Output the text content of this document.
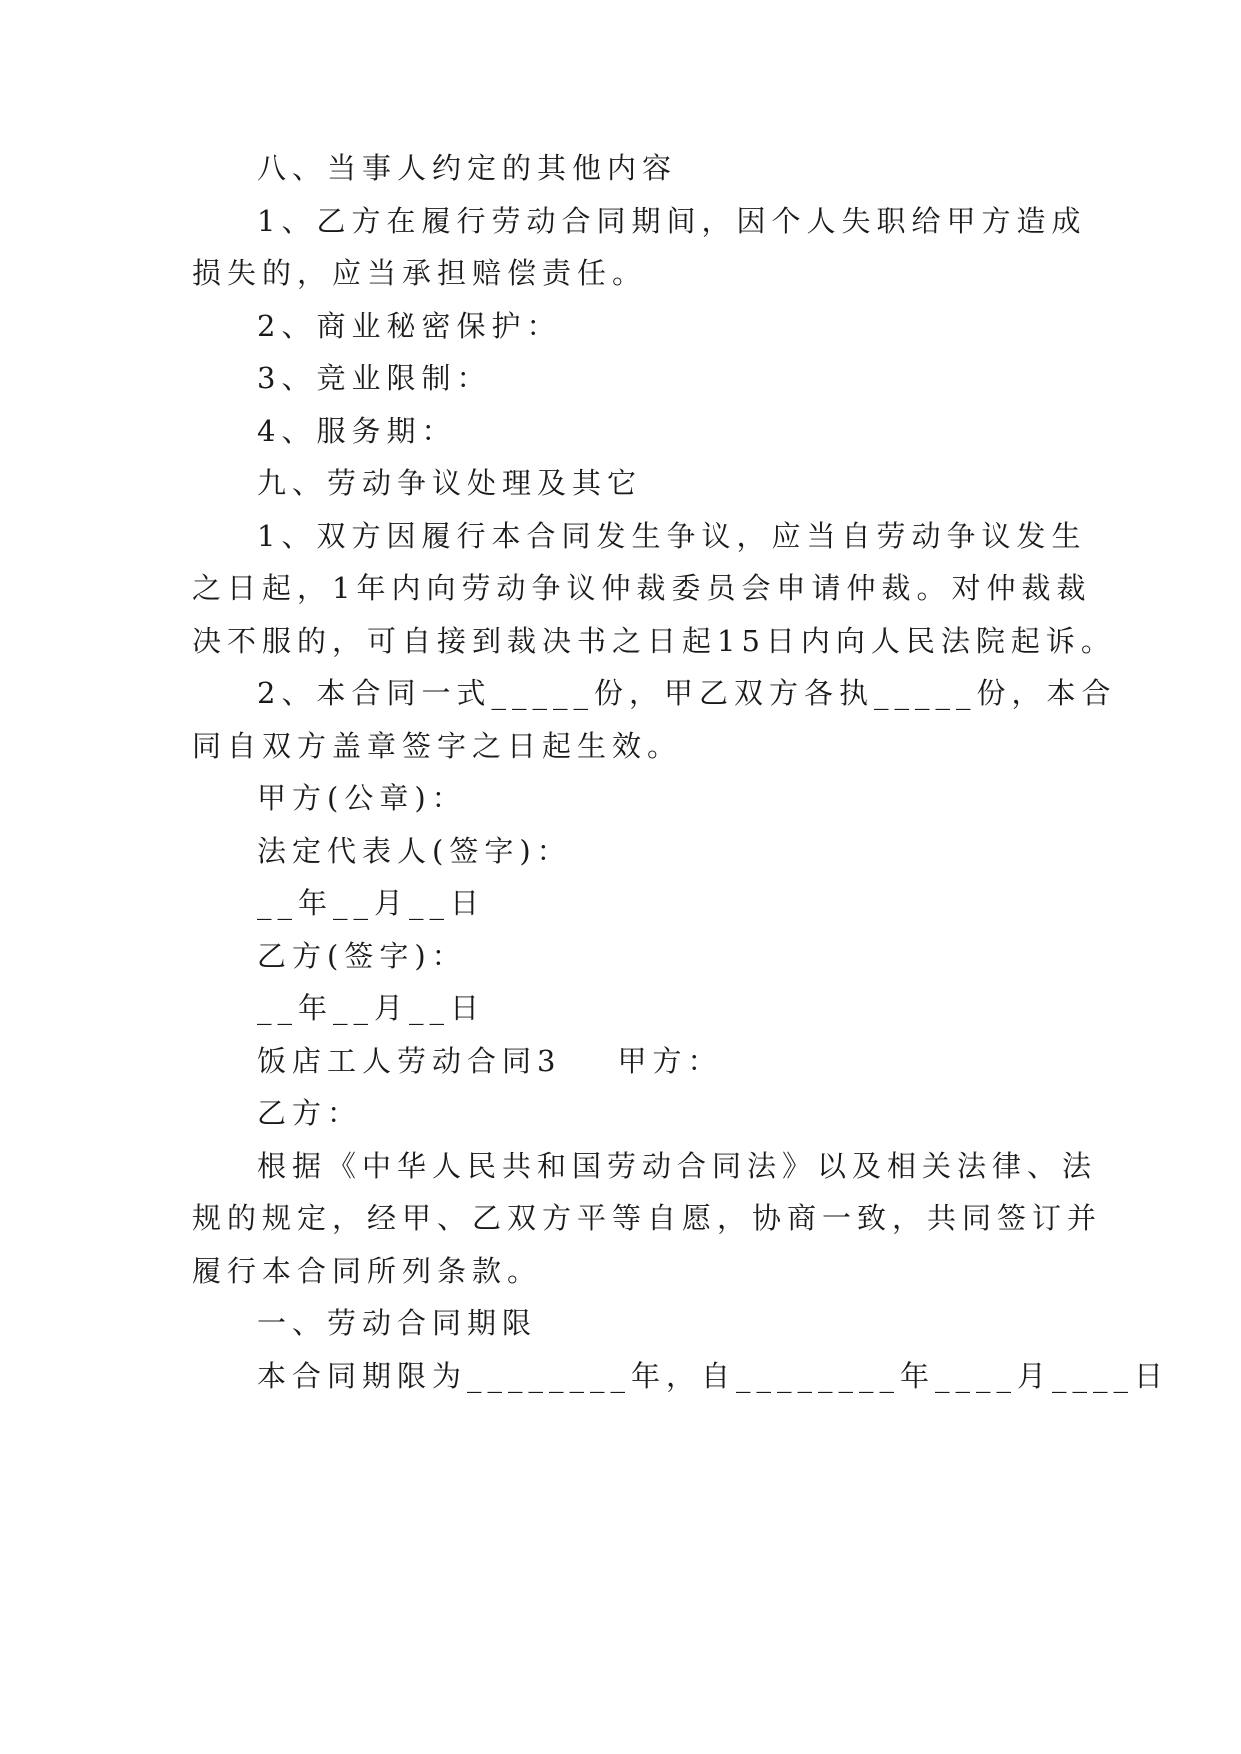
八、当事人约定的其他内容
1、乙方在履行劳动合同期间，因个人失职给甲方造成
损失的，应当承担赔偿责任。
2、商业秘密保护：
3、竞业限制：
4、服务期：
九、劳动争议处理及其它
1、双方因履行本合同发生争议，应当自劳动争议发生
之日起，1年内向劳动争议仲裁委员会申请仲裁。对仲裁裁
决不服的，可自接到裁决书之日起15日内向人民法院起诉。
2、本合同一式_____份，甲乙双方各执_____份，本合
同自双方盖章签字之日起生效。
甲方(公章)：
法定代表人(签字)：
__年__月__日
乙方(签字)：
__年__月__日
饭店工人劳动合同3 甲方：
乙方：
根据《中华人民共和国劳动合同法》以及相关法律、法
规的规定，经甲、乙双方平等自愿，协商一致，共同签订并
履行本合同所列条款。
一、劳动合同期限
本合同期限为________年，自________年____月____日
